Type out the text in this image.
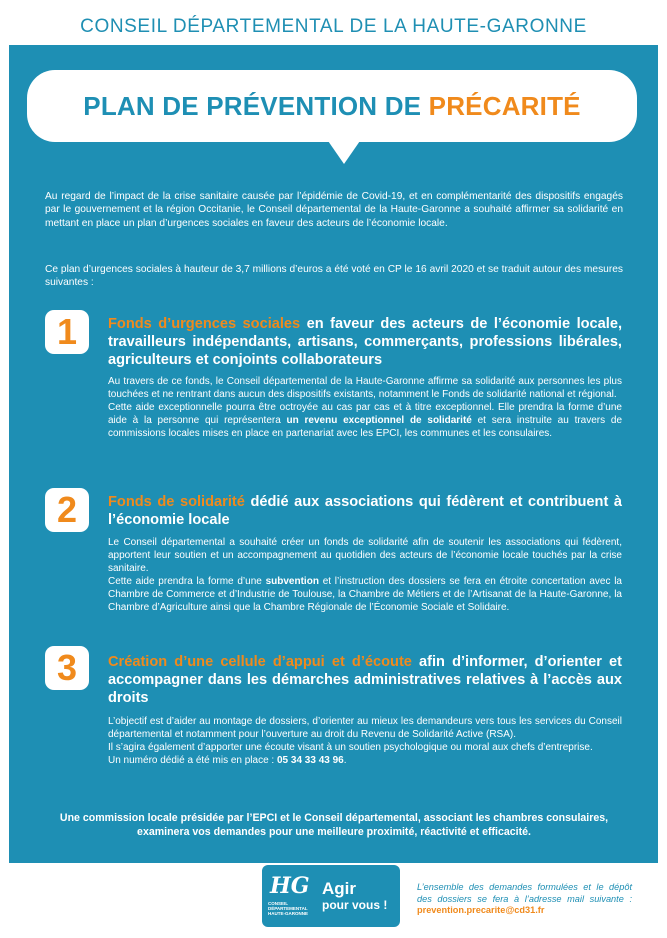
CONSEIL DÉPARTEMENTAL DE LA HAUTE-GARONNE
PLAN DE PRÉVENTION DE PRÉCARITÉ

Au regard de l’impact de la crise sanitaire causée par l’épidémie de Covid-19, et en complémentarité des dispositifs engagés par le gouvernement et la région Occitanie, le Conseil départemental de la Haute-Garonne a souhaité affirmer sa solidarité en mettant en place un plan d’urgences sociales en faveur des acteurs de l’économie locale.

Ce plan d’urgences sociales à hauteur de 3,7 millions d’euros a été voté en CP le 16 avril 2020 et se traduit autour des mesures suivantes :

1	Fonds d’urgences sociales en faveur des acteurs de l’économie locale, travailleurs indépendants, artisans, commerçants, professions libérales, agriculteurs et conjoints collaborateurs

Au travers de ce fonds, le Conseil départemental de la Haute-Garonne affirme sa solidarité aux personnes les plus touchées et ne rentrant dans aucun des dispositifs existants, notamment le Fonds de solidarité national et régional.

Cette aide exceptionnelle pourra être octroyée au cas par cas et à titre exceptionnel. Elle prendra la forme d’une aide à la personne qui représentera un revenu exceptionnel de solidarité et sera instruite au travers de commissions locales mises en place en partenariat avec les EPCI, les communes et les consulaires.

2	Fonds de solidarité dédié aux associations qui fédèrent et contribuent à l’économie locale

Le Conseil départemental a souhaité créer un fonds de solidarité afin de soutenir les associations qui fédèrent, apportent leur soutien et un accompagnement au quotidien des acteurs de l’économie locale touchés par la crise sanitaire.

Cette aide prendra la forme d’une subvention et l’instruction des dossiers se fera en étroite concertation avec la Chambre de Commerce et d’Industrie de Toulouse, la Chambre de Métiers et de l’Artisanat de la Haute-Garonne, la Chambre d’Agriculture ainsi que la Chambre Régionale de l’Économie Sociale et Solidaire.

3	Création d’une cellule d’appui et d’écoute afin d’informer, d’orienter et accompagner dans les démarches administratives relatives à l’accès aux droits

L’objectif est d’aider au montage de dossiers, d’orienter au mieux les demandeurs vers tous les services du Conseil départemental et notamment pour l’ouverture au droit du Revenu de Solidarité Active (RSA).

Il s’agira également d’apporter une écoute visant à un soutien psychologique ou moral aux chefs d’entreprise.

Un numéro dédié a été mis en place : 05 34 33 43 96.

Une commission locale présidée par l’EPCI et le Conseil départemental, associant les chambres consulaires, examinera vos demandes pour une meilleure proximité, réactivité et efficacité.

HG
CONSEIL DÉPARTEMENTAL HAUTE-GARONNE
Agir
pour vous !

L’ensemble des demandes formulées et le dépôt des dossiers se fera à l’adresse mail suivante : prevention.precarite@cd31.fr
